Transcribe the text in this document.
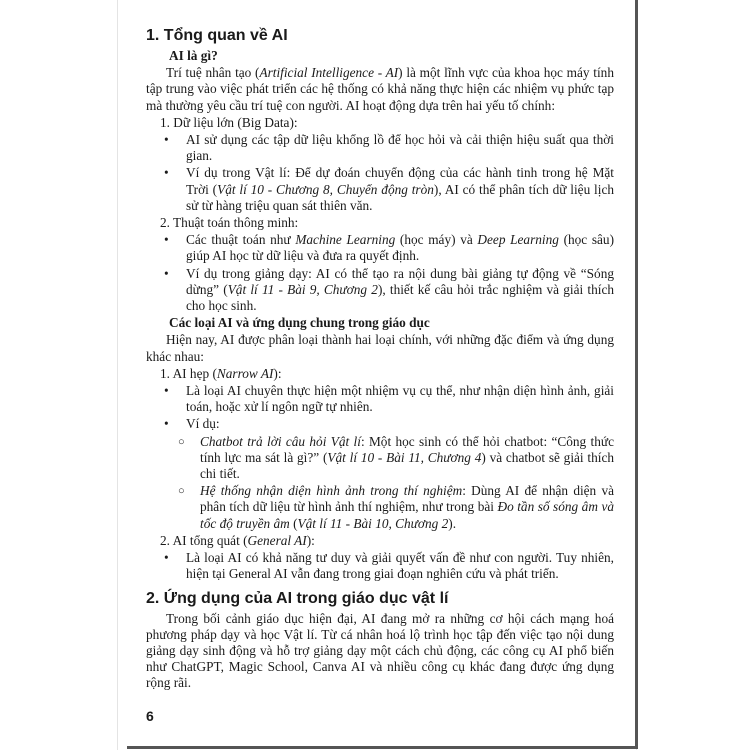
1. Tổng quan về AI
AI là gì?
Trí tuệ nhân tạo (Artificial Intelligence - AI) là một lĩnh vực của khoa học máy tính tập trung vào việc phát triển các hệ thống có khả năng thực hiện các nhiệm vụ phức tạp mà thường yêu cầu trí tuệ con người. AI hoạt động dựa trên hai yếu tố chính:
1. Dữ liệu lớn (Big Data):
• AI sử dụng các tập dữ liệu khổng lồ để học hỏi và cải thiện hiệu suất qua thời gian.
• Ví dụ trong Vật lí: Để dự đoán chuyển động của các hành tinh trong hệ Mặt Trời (Vật lí 10 - Chương 8, Chuyển động tròn), AI có thể phân tích dữ liệu lịch sử từ hàng triệu quan sát thiên văn.
2. Thuật toán thông minh:
• Các thuật toán như Machine Learning (học máy) và Deep Learning (học sâu) giúp AI học từ dữ liệu và đưa ra quyết định.
• Ví dụ trong giảng dạy: AI có thể tạo ra nội dung bài giảng tự động về “Sóng dừng” (Vật lí 11 - Bài 9, Chương 2), thiết kế câu hỏi trắc nghiệm và giải thích cho học sinh.
Các loại AI và ứng dụng chung trong giáo dục
Hiện nay, AI được phân loại thành hai loại chính, với những đặc điểm và ứng dụng khác nhau:
1. AI hẹp (Narrow AI):
• Là loại AI chuyên thực hiện một nhiệm vụ cụ thể, như nhận diện hình ảnh, giải toán, hoặc xử lí ngôn ngữ tự nhiên.
• Ví dụ:
○ Chatbot trả lời câu hỏi Vật lí: Một học sinh có thể hỏi chatbot: “Công thức tính lực ma sát là gì?” (Vật lí 10 - Bài 11, Chương 4) và chatbot sẽ giải thích chi tiết.
○ Hệ thống nhận diện hình ảnh trong thí nghiệm: Dùng AI để nhận diện và phân tích dữ liệu từ hình ảnh thí nghiệm, như trong bài Đo tần số sóng âm và tốc độ truyền âm (Vật lí 11 - Bài 10, Chương 2).
2. AI tổng quát (General AI):
• Là loại AI có khả năng tư duy và giải quyết vấn đề như con người. Tuy nhiên, hiện tại General AI vẫn đang trong giai đoạn nghiên cứu và phát triển.
2. Ứng dụng của AI trong giáo dục vật lí
Trong bối cảnh giáo dục hiện đại, AI đang mở ra những cơ hội cách mạng hoá phương pháp dạy và học Vật lí. Từ cá nhân hoá lộ trình học tập đến việc tạo nội dung giảng dạy sinh động và hỗ trợ giảng dạy một cách chủ động, các công cụ AI phổ biến như ChatGPT, Magic School, Canva AI và nhiều công cụ khác đang được ứng dụng rộng rãi.
6
